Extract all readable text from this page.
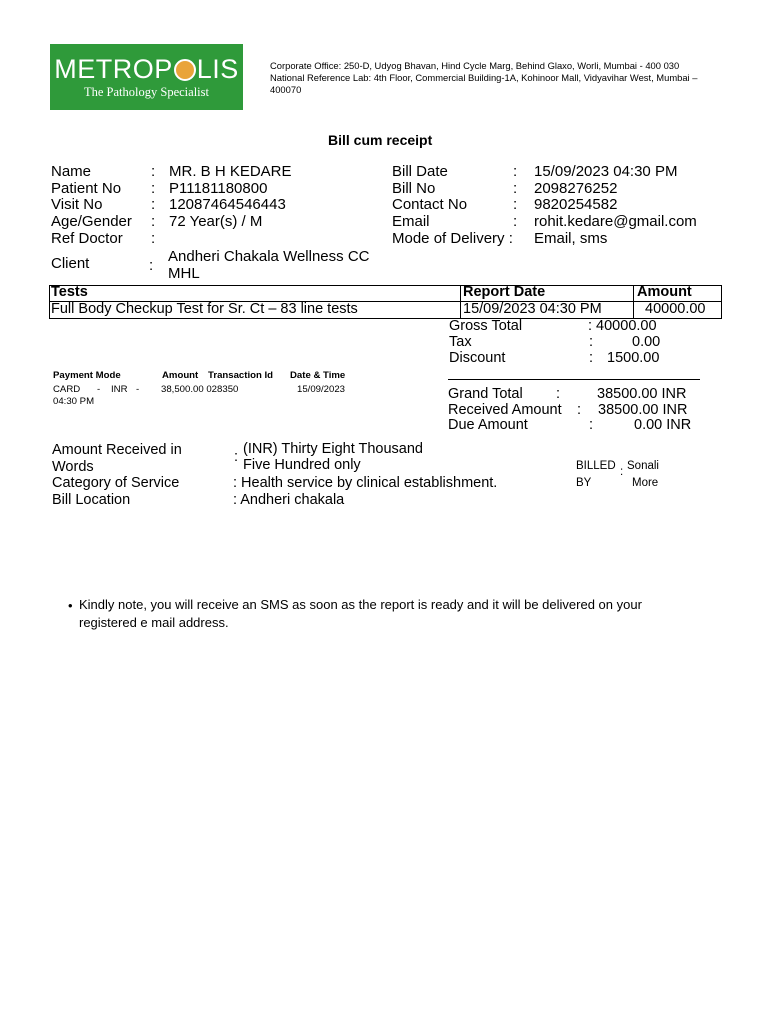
METROP LIS
The Pathology Specialist
Corporate Office: 250-D, Udyog Bhavan, Hind Cycle Marg, Behind Glaxo, Worli, Mumbai - 400 030
National Reference Lab: 4th Floor, Commercial Building-1A, Kohinoor Mall, Vidyavihar West, Mumbai –
400070
Bill cum receipt
Name	: MR. B H KEDARE
Patient No : P11181180800
Visit No	: 12087464546443
Age/Gender : 72 Year(s) / M
Ref Doctor :
Client	:
Andheri Chakala Wellness CC
MHL
Bill Date	: 15/09/2023 04:30 PM
Bill No	: 2098276252
Contact No	: 9820254582
Email	: rohit.kedare@gmail.com
Mode of Delivery : Email, sms
Tests	Report Date	Amount
Full Body Checkup Test for Sr. Ct – 83 line tests	15/09/2023 04:30 PM	40000.00
Gross Total	: 40000.00
Tax	:	0.00
Discount	: 1500.00
Grand Total :	38500.00 INR
Received Amount : 38500.00 INR
Due Amount	:	0.00 INR
Payment Mode	Amount Transaction Id Date & Time
CARD - INR - 38,500.00 028350	15/09/2023
04:30 PM
Amount Received in
Words
: (INR) Thirty Eight Thousand
Five Hundred only
Category of Service	: Health service by clinical establishment.
Bill Location	: Andheri chakala
BILLED
BY
: Sonali
More
• Kindly note, you will receive an SMS as soon as the report is ready and it will be delivered on your
registered e mail address.
